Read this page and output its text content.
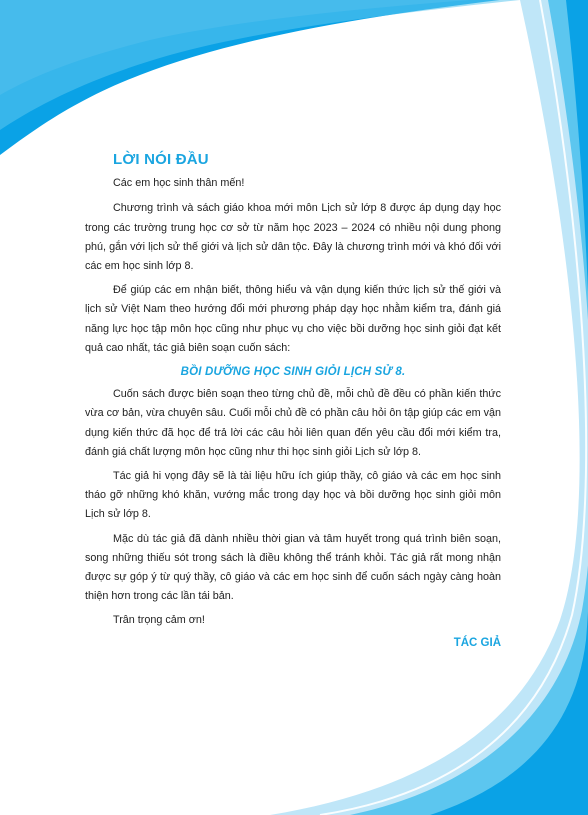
LỜI NÓI ĐẦU
Các em học sinh thân mến!
Chương trình và sách giáo khoa mới môn Lịch sử lớp 8 được áp dụng dạy học trong các trường trung học cơ sở từ năm học 2023 – 2024 có nhiều nội dung phong phú, gắn với lịch sử thế giới và lịch sử dân tộc. Đây là chương trình mới và khó đối với các em học sinh lớp 8.
Để giúp các em nhận biết, thông hiểu và vận dụng kiến thức lịch sử thế giới và lịch sử Việt Nam theo hướng đổi mới phương pháp dạy học nhằm kiểm tra, đánh giá năng lực học tập môn học cũng như phục vụ cho việc bồi dưỡng học sinh giỏi đạt kết quả cao nhất, tác giả biên soạn cuốn sách:
BỒI DƯỠNG HỌC SINH GIỎI LỊCH SỬ 8.
Cuốn sách được biên soạn theo từng chủ đề, mỗi chủ đề đều có phần kiến thức vừa cơ bản, vừa chuyên sâu. Cuối mỗi chủ đề có phần câu hỏi ôn tập giúp các em vận dụng kiến thức đã học để trả lời các câu hỏi liên quan đến yêu cầu đổi mới kiểm tra, đánh giá chất lượng môn học cũng như thi học sinh giỏi Lịch sử lớp 8.
Tác giả hi vọng đây sẽ là tài liệu hữu ích giúp thầy, cô giáo và các em học sinh tháo gỡ những khó khăn, vướng mắc trong dạy học và bồi dưỡng học sinh giỏi môn Lịch sử lớp 8.
Mặc dù tác giả đã dành nhiều thời gian và tâm huyết trong quá trình biên soạn, song những thiếu sót trong sách là điều không thể tránh khỏi. Tác giả rất mong nhận được sự góp ý từ quý thầy, cô giáo và các em học sinh để cuốn sách ngày càng hoàn thiện hơn trong các lần tái bản.
Trân trọng cảm ơn!
TÁC GIẢ
